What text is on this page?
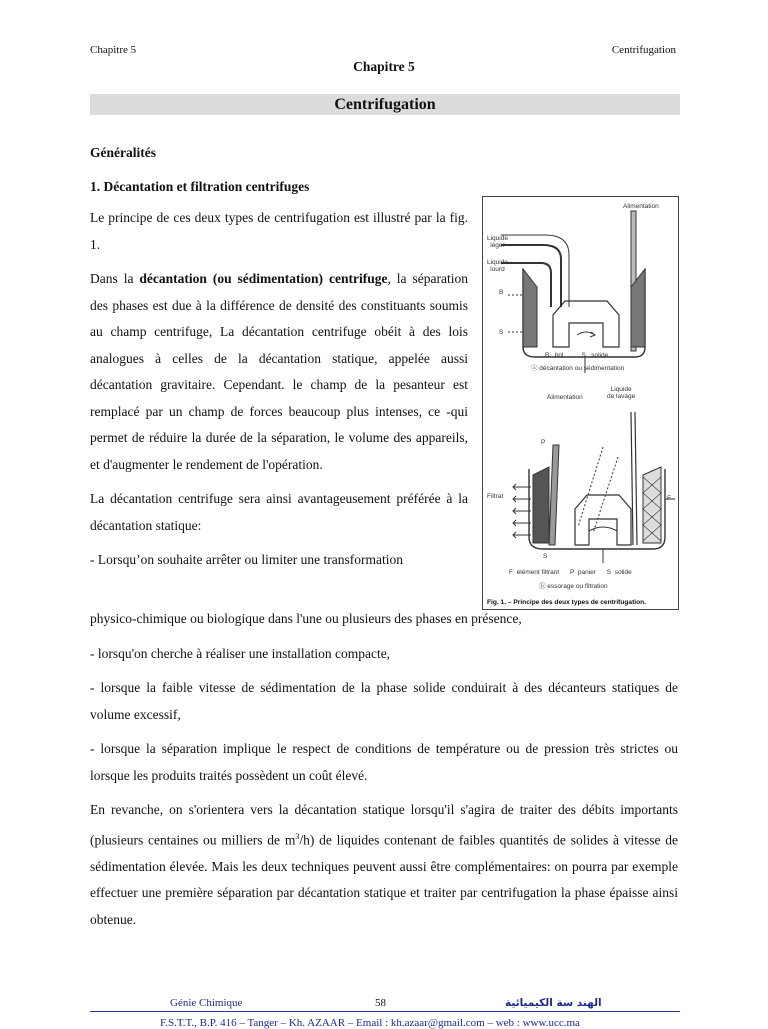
Chapitre 5	Centrifugation
Chapitre 5
Centrifugation
Généralités
1. Décantation et filtration centrifuges

Le principe de ces deux types de centrifugation est illustré par la fig. 1.

Dans la décantation (ou sédimentation) centrifuge, la séparation des phases est due à la différence de densité des constituants soumis au champ centrifuge, La décantation centrifuge obéit à des lois analogues à celles de la décantation statique, appelée aussi décantation gravitaire. Cependant. le champ de la pesanteur est remplacé par un champ de forces beaucoup plus intenses, ce -qui permet de réduire la durée de la séparation, le volume des appareils, et d'augmenter le rendement de l'opération.

La décantation centrifuge sera ainsi avantageusement préférée à la décantation statique:

- Lorsqu’on souhaite arrêter ou limiter une transformation

physico-chimique ou biologique dans l'une ou plusieurs des phases en présence,

- lorsqu'on cherche à réaliser une installation compacte,

- lorsque la faible vitesse de sédimentation de la phase solide conduirait à des décanteurs statiques de volume excessif,

- lorsque la séparation implique le respect de conditions de température ou de pression très strictes ou lorsque les produits traités possèdent un coût élevé.

En revanche, on s'orientera vers la décantation statique lorsqu'il s'agira de traiter des débits importants (plusieurs centaines ou milliers de $m^3/h$) de liquides contenant de faibles quantités de solides à vitesse de sédimentation élevée. Mais les deux techniques peuvent aussi être complémentaires: on pourra par exemple effectuer une première séparation par décantation statique et traiter par centrifugation la phase épaisse ainsi obtenue.

Alimentation
Liquide
léger
Liquide
lourd
B
S
B   bol          S   solide
ⓐ décantation ou sédimentation
Alimentation
Liquide
de lavage
P
Filtrat	F
S
F  élément filtrant      P  panier      S  solide
ⓑ essorage ou filtration
Fig. 1. – Principe des deux types de centrifugation.
Génie Chimique	58	الهند سة الكيميائية
F.S.T.T., B.P. 416 – Tanger – Kh. AZAAR – Email : kh.azaar@gmail.com – web : www.ucc.ma
